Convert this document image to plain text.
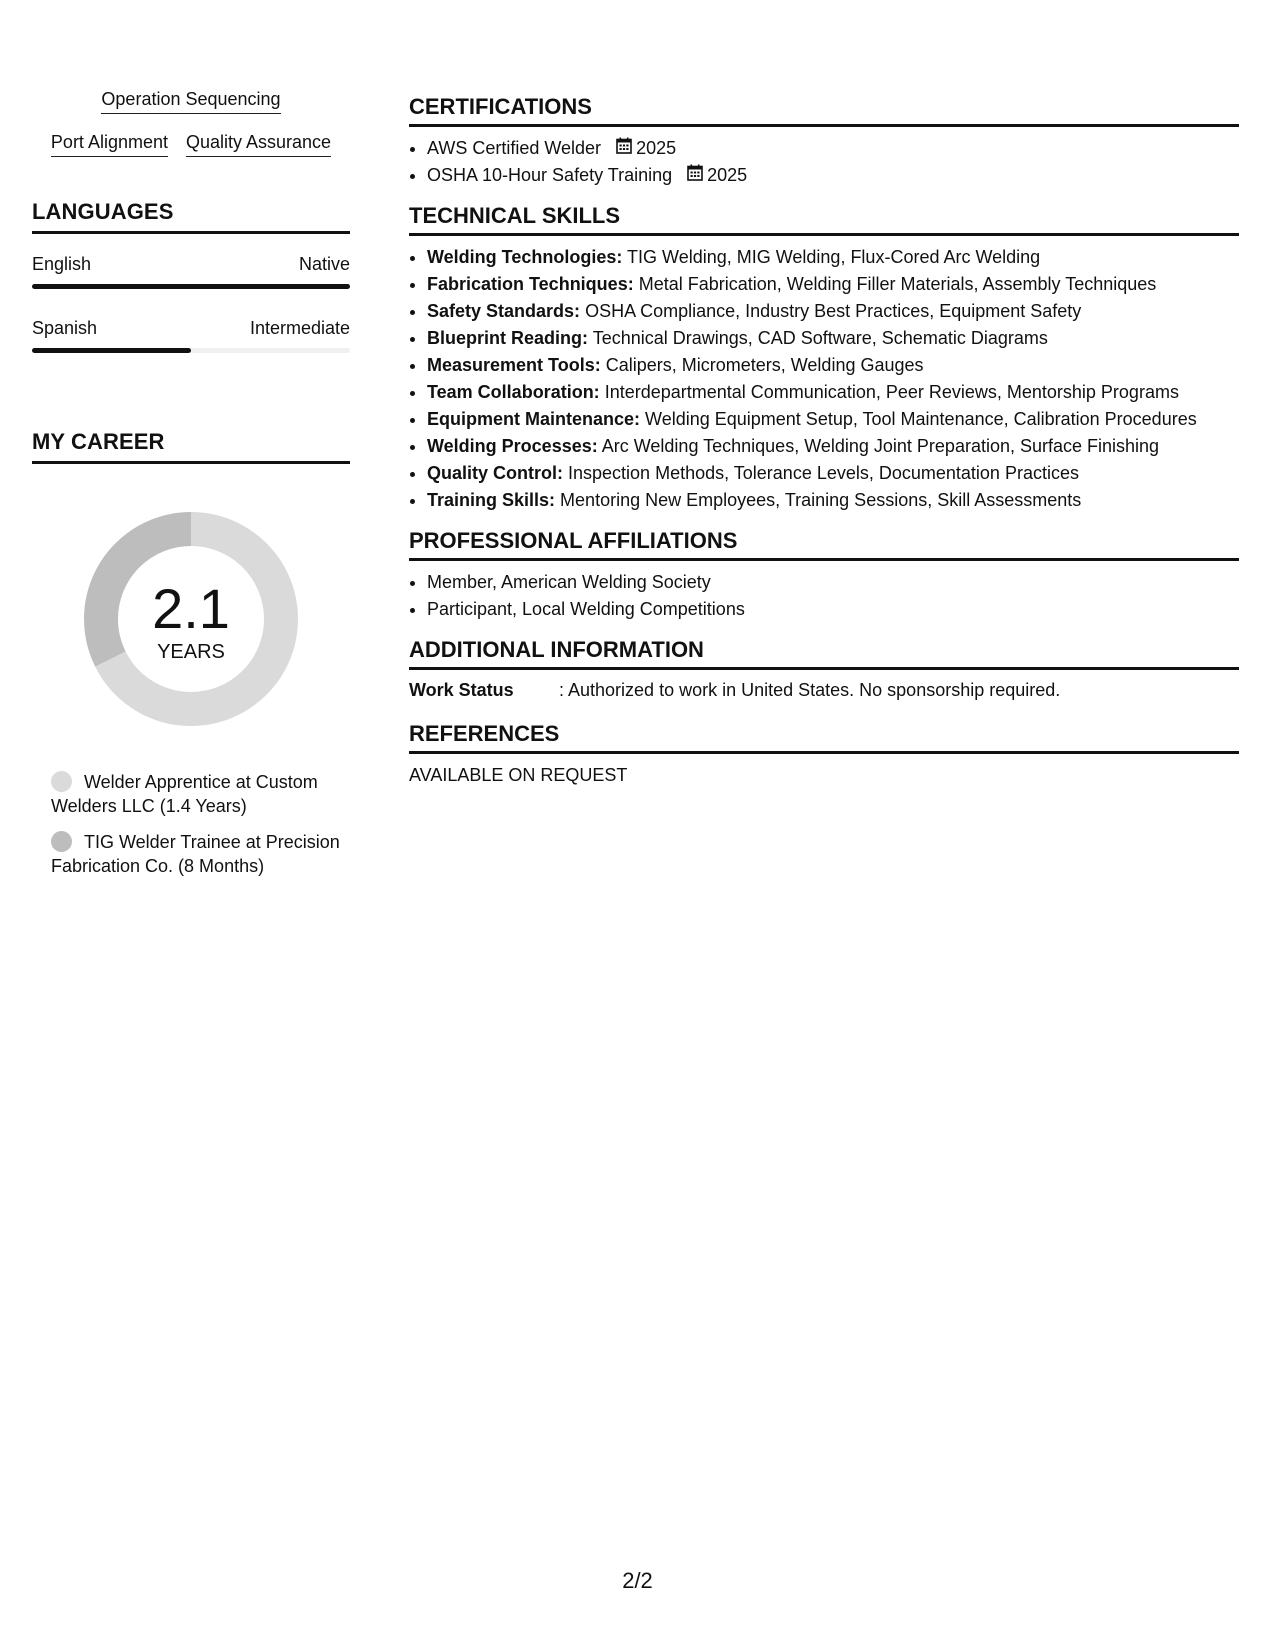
Operation Sequencing
Port Alignment Quality Assurance
LANGUAGES
English	Native
Spanish	Intermediate
MY CAREER
2.1
YEARS
Welder Apprentice at Custom Welders LLC (1.4 Years)
TIG Welder Trainee at Precision Fabrication Co. (8 Months)
CERTIFICATIONS
• AWS Certified Welder 2025
• OSHA 10-Hour Safety Training 2025
TECHNICAL SKILLS
• Welding Technologies: TIG Welding, MIG Welding, Flux-Cored Arc Welding
• Fabrication Techniques: Metal Fabrication, Welding Filler Materials, Assembly Techniques
• Safety Standards: OSHA Compliance, Industry Best Practices, Equipment Safety
• Blueprint Reading: Technical Drawings, CAD Software, Schematic Diagrams
• Measurement Tools: Calipers, Micrometers, Welding Gauges
• Team Collaboration: Interdepartmental Communication, Peer Reviews, Mentorship Programs
• Equipment Maintenance: Welding Equipment Setup, Tool Maintenance, Calibration Procedures
• Welding Processes: Arc Welding Techniques, Welding Joint Preparation, Surface Finishing
• Quality Control: Inspection Methods, Tolerance Levels, Documentation Practices
• Training Skills: Mentoring New Employees, Training Sessions, Skill Assessments
PROFESSIONAL AFFILIATIONS
• Member, American Welding Society
• Participant, Local Welding Competitions
ADDITIONAL INFORMATION
Work Status	: Authorized to work in United States. No sponsorship required.
REFERENCES
AVAILABLE ON REQUEST
2/2
